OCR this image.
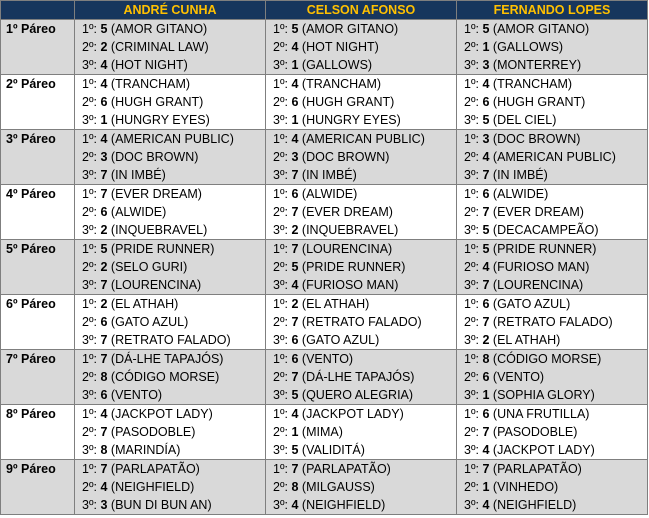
	ANDRÉ CUNHA	CELSON AFONSO	FERNANDO LOPES
1º Páreo	1º: 5 (AMOR GITANO)	1º: 5 (AMOR GITANO)	1º: 5 (AMOR GITANO)
	2º: 2 (CRIMINAL LAW)	2º: 4 (HOT NIGHT)	2º: 1 (GALLOWS)
	3º: 4 (HOT NIGHT)	3º: 1 (GALLOWS)	3º: 3 (MONTERREY)
2º Páreo	1º: 4 (TRANCHAM)	1º: 4 (TRANCHAM)	1º: 4 (TRANCHAM)
	2º: 6 (HUGH GRANT)	2º: 6 (HUGH GRANT)	2º: 6 (HUGH GRANT)
	3º: 1 (HUNGRY EYES)	3º: 1 (HUNGRY EYES)	3º: 5 (DEL CIEL)
3º Páreo	1º: 4 (AMERICAN PUBLIC)	1º: 4 (AMERICAN PUBLIC)	1º: 3 (DOC BROWN)
	2º: 3 (DOC BROWN)	2º: 3 (DOC BROWN)	2º: 4 (AMERICAN PUBLIC)
	3º: 7 (IN IMBÉ)	3º: 7 (IN IMBÉ)	3º: 7 (IN IMBÉ)
4º Páreo	1º: 7 (EVER DREAM)	1º: 6 (ALWIDE)	1º: 6 (ALWIDE)
	2º: 6 (ALWIDE)	2º: 7 (EVER DREAM)	2º: 7 (EVER DREAM)
	3º: 2 (INQUEBRAVEL)	3º: 2 (INQUEBRAVEL)	3º: 5 (DECACAMPEÃO)
5º Páreo	1º: 5 (PRIDE RUNNER)	1º: 7 (LOURENCINA)	1º: 5 (PRIDE RUNNER)
	2º: 2 (SELO GURI)	2º: 5 (PRIDE RUNNER)	2º: 4 (FURIOSO MAN)
	3º: 7 (LOURENCINA)	3º: 4 (FURIOSO MAN)	3º: 7 (LOURENCINA)
6º Páreo	1º: 2 (EL ATHAH)	1º: 2 (EL ATHAH)	1º: 6 (GATO AZUL)
	2º: 6 (GATO AZUL)	2º: 7 (RETRATO FALADO)	2º: 7 (RETRATO FALADO)
	3º: 7 (RETRATO FALADO)	3º: 6 (GATO AZUL)	3º: 2 (EL ATHAH)
7º Páreo	1º: 7 (DÁ-LHE TAPAJÓS)	1º: 6 (VENTO)	1º: 8 (CÓDIGO MORSE)
	2º: 8 (CÓDIGO MORSE)	2º: 7 (DÁ-LHE TAPAJÓS)	2º: 6 (VENTO)
	3º: 6 (VENTO)	3º: 5 (QUERO ALEGRIA)	3º: 1 (SOPHIA GLORY)
8º Páreo	1º: 4 (JACKPOT LADY)	1º: 4 (JACKPOT LADY)	1º: 6 (UNA FRUTILLA)
	2º: 7 (PASODOBLE)	2º: 1 (MIMA)	2º: 7 (PASODOBLE)
	3º: 8 (MARINDÍA)	3º: 5 (VALIDITÁ)	3º: 4 (JACKPOT LADY)
9º Páreo	1º: 7 (PARLAPATÃO)	1º: 7 (PARLAPATÃO)	1º: 7 (PARLAPATÃO)
	2º: 4 (NEIGHFIELD)	2º: 8 (MILGAUSS)	2º: 1 (VINHEDO)
	3º: 3 (BUN DI BUN AN)	3º: 4 (NEIGHFIELD)	3º: 4 (NEIGHFIELD)
